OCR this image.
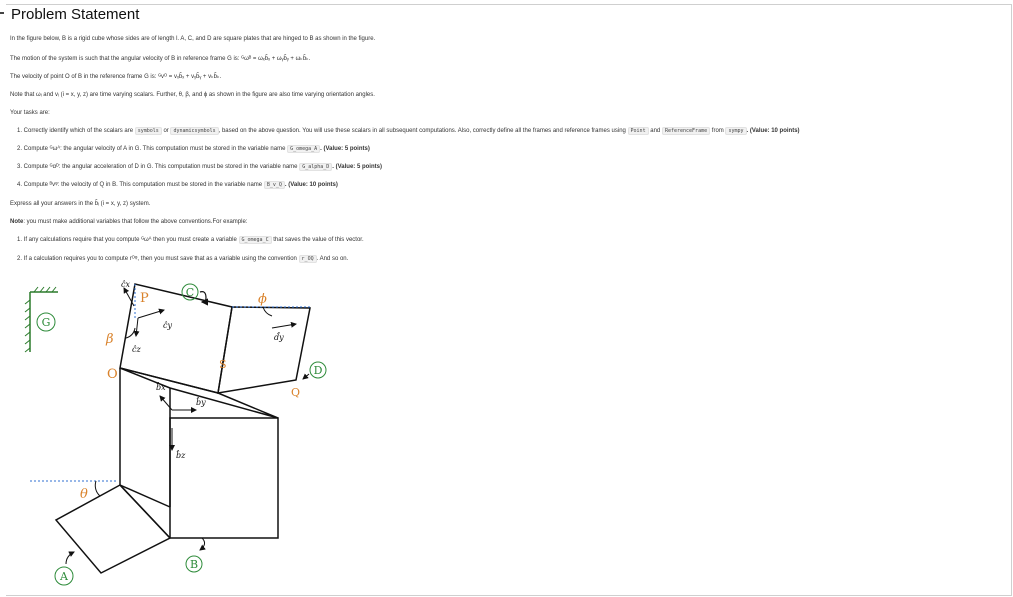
Problem Statement
In the figure below, B is a rigid cube whose sides are of length l. A, C, and D are square plates that are hinged to B as shown in the figure.
The motion of the system is such that the angular velocity of B in reference frame G is: ᴳωᴮ = ωₓb̂ₓ + ωᵧb̂ᵧ + ωₖb̂ₖ.
The velocity of point O of B in the reference frame G is: ᴳvᴼ = vₓb̂ₓ + vᵧb̂ᵧ + vₖb̂ₖ.
Note that ωᵢ and vᵢ (i = x, y, z) are time varying scalars. Further, θ, β, and ϕ as shown in the figure are also time varying orientation angles.
Your tasks are:
1. Correctly identify which of the scalars are symbols or dynamicsymbols , based on the above question. You will use these scalars in all subsequent computations. Also, correctly define all the frames and reference frames using Point and ReferenceFrame from sympy . (Value: 10 points)
2. Compute ᴳωᴬ: the angular velocity of A in G. This computation must be stored in the variable name G_omega_A . (Value: 5 points)
3. Compute ᴳαᴰ: the angular acceleration of D in G. This computation must be stored in the variable name G_alpha_D . (Value: 5 points)
4. Compute ᴮvᵠ: the velocity of Q in B. This computation must be stored in the variable name B_v_Q . (Value: 10 points)
Express all your answers in the b̂ᵢ (i = x, y, z) system.
Note: you must make additional variables that follow the above conventions.For example:
1. If any calculations require that you compute ᴳωᴬ then you must create a variable G_omega_C that saves the value of this vector.
2. If a calculation requires you to compute rᴼᵠ, then you must save that as a variable using the convention r_OQ . And so on.
G
P
S
Q
O
β
ϕ
θ
C
D
B
A
ĉy
ĉz
ĉx
d̂y
b̂y
b̂x
b̂z
